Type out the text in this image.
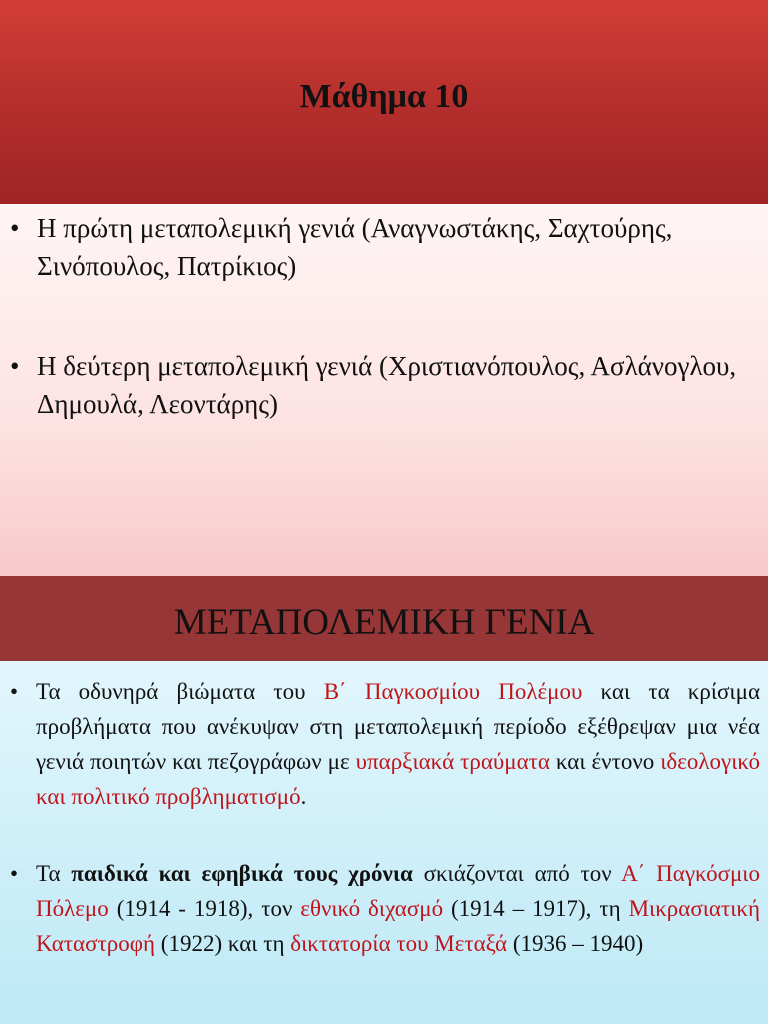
Μάθημα 10
• Η πρώτη μεταπολεμική γενιά (Αναγνωστάκης, Σαχτούρης, Σινόπουλος, Πατρίκιος)
• Η δεύτερη μεταπολεμική γενιά (Χριστιανόπουλος, Ασλάνογλου, Δημουλά, Λεοντάρης)
ΜΕΤΑΠΟΛΕΜΙΚΗ ΓΕΝΙΑ
• Τα οδυνηρά βιώματα του Β΄ Παγκοσμίου Πολέμου και τα κρίσιμα προβλήματα που ανέκυψαν στη μεταπολεμική περίοδο εξέθρεψαν μια νέα γενιά ποιητών και πεζογράφων με υπαρξιακά τραύματα και έντονο ιδεολογικό και πολιτικό προβληματισμό.
• Τα παιδικά και εφηβικά τους χρόνια σκιάζονται από τον Α΄ Παγκόσμιο Πόλεμο (1914 - 1918), τον εθνικό διχασμό (1914 – 1917), τη Μικρασιατική Καταστροφή (1922) και τη δικτατορία του Μεταξά (1936 – 1940)
